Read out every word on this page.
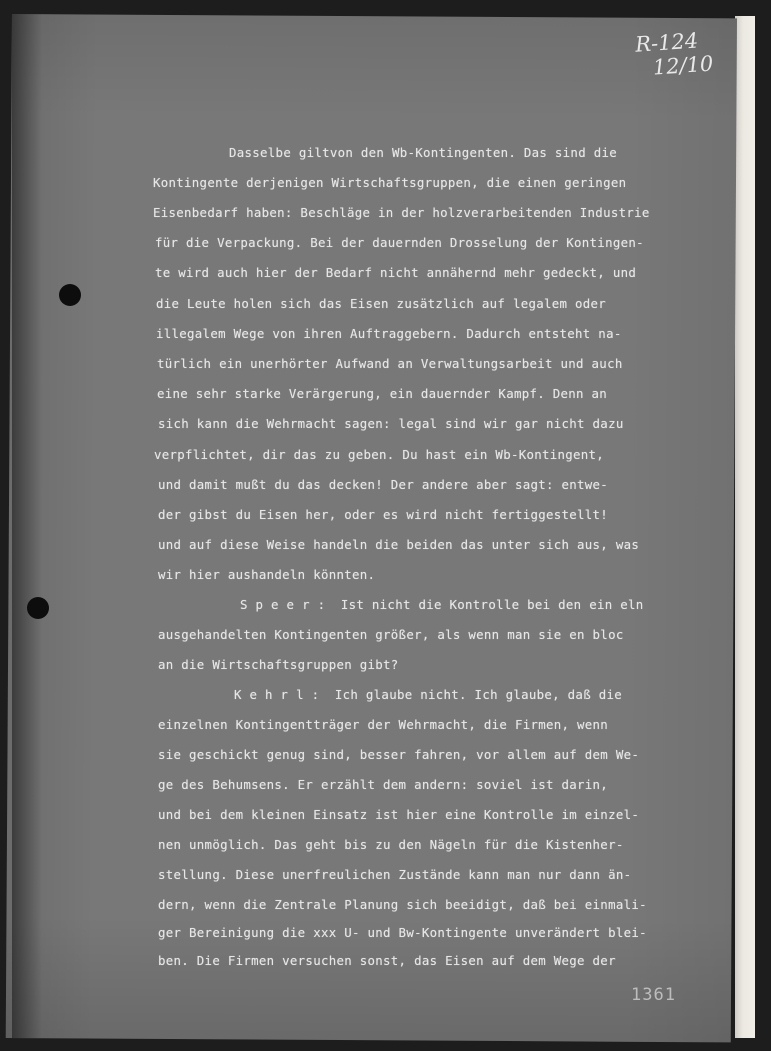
R-124
12/10

Dasselbe giltvon den Wb-Kontingenten. Das sind die

Kontingente derjenigen Wirtschaftsgruppen, die einen geringen

Eisenbedarf haben: Beschläge in der holzverarbeitenden Industrie

für die Verpackung. Bei der dauernden Drosselung der Kontingen-

te wird auch hier der Bedarf nicht annähernd mehr gedeckt, und

die Leute holen sich das Eisen zusätzlich auf legalem oder

illegalem Wege von ihren Auftraggebern. Dadurch entsteht na-

türlich ein unerhörter Aufwand an Verwaltungsarbeit und auch

eine sehr starke Verärgerung, ein dauernder Kampf. Denn an

sich kann die Wehrmacht sagen: legal sind wir gar nicht dazu

verpflichtet, dir das zu geben. Du hast ein Wb-Kontingent,

und damit mußt du das decken! Der andere aber sagt: entwe-

der gibst du Eisen her, oder es wird nicht fertiggestellt!

und auf diese Weise handeln die beiden das unter sich aus, was

wir hier aushandeln könnten.

S p e e r :  Ist nicht die Kontrolle bei den ein eln

ausgehandelten Kontingenten größer, als wenn man sie en bloc

an die Wirtschaftsgruppen gibt?

K e h r l :  Ich glaube nicht. Ich glaube, daß die

einzelnen Kontingentträger der Wehrmacht, die Firmen, wenn

sie geschickt genug sind, besser fahren, vor allem auf dem We-

ge des Behumsens. Er erzählt dem andern: soviel ist darin,

und bei dem kleinen Einsatz ist hier eine Kontrolle im einzel-

nen unmöglich. Das geht bis zu den Nägeln für die Kistenher-

stellung. Diese unerfreulichen Zustände kann man nur dann än-

dern, wenn die Zentrale Planung sich beeidigt, daß bei einmali-

ger Bereinigung die xxx U- und Bw-Kontingente unverändert blei-

ben. Die Firmen versuchen sonst, das Eisen auf dem Wege der

1361
